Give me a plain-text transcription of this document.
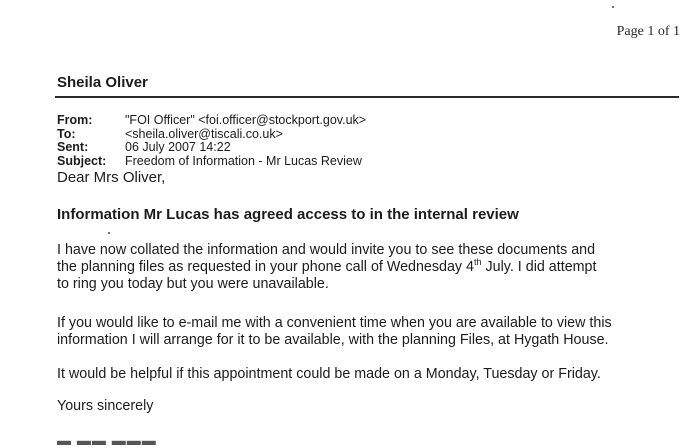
Page 1 of 1
Sheila Oliver
From:	"FOI Officer" <foi.officer@stockport.gov.uk>
To:	<sheila.oliver@tiscali.co.uk>
Sent:	06 July 2007 14:22
Subject:	Freedom of Information - Mr Lucas Review
Dear Mrs Oliver,
Information Mr Lucas has agreed access to in the internal review
I have now collated the information and would invite you to see these documents and
the planning files as requested in your phone call of Wednesday 4th July. I did attempt
to ring you today but you were unavailable.
If you would like to e-mail me with a convenient time when you are available to view this
information I will arrange for it to be available, with the planning Files, at Hygath House.
It would be helpful if this appointment could be made on a Monday, Tuesday or Friday.
Yours sincerely
▬ ▬▬ ▬▬▬
